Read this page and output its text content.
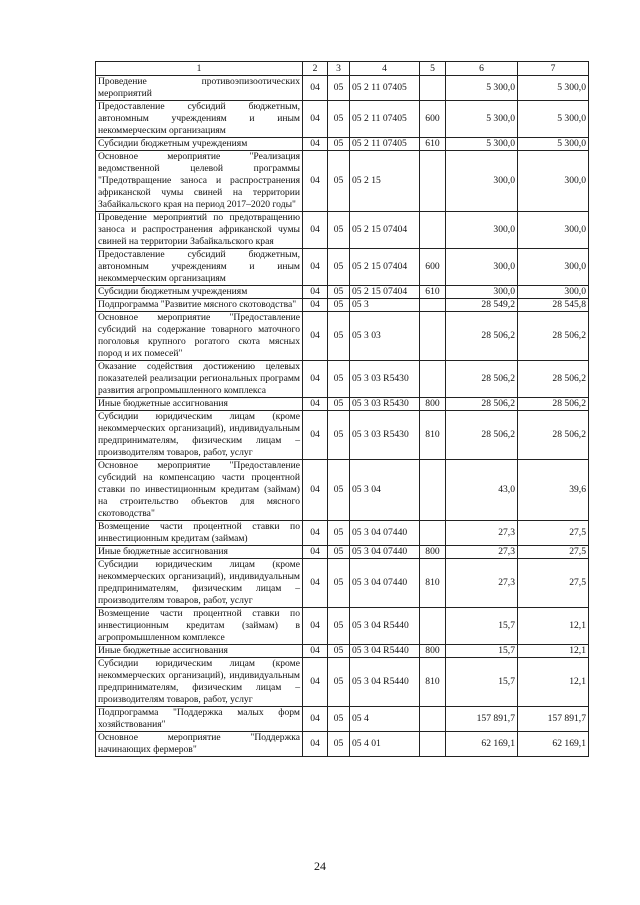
1	2	3	4	5	6	7
Проведение противоэпизоотических мероприятий	04	05	05 2 11 07405		5 300,0	5 300,0
Предоставление субсидий бюджетным, автономным учреждениям и иным некоммерческим организациям	04	05	05 2 11 07405	600	5 300,0	5 300,0
Субсидии бюджетным учреждениям	04	05	05 2 11 07405	610	5 300,0	5 300,0
Основное мероприятие "Реализация ведомственной целевой программы "Предотвращение заноса и распространения африканской чумы свиней на территории Забайкальского края на период 2017–2020 годы"	04	05	05 2 15		300,0	300,0
Проведение мероприятий по предотвращению заноса и распространения африканской чумы свиней на территории Забайкальского края	04	05	05 2 15 07404		300,0	300,0
Предоставление субсидий бюджетным, автономным учреждениям и иным некоммерческим организациям	04	05	05 2 15 07404	600	300,0	300,0
Субсидии бюджетным учреждениям	04	05	05 2 15 07404	610	300,0	300,0
Подпрограмма "Развитие мясного скотоводства"	04	05	05 3		28 549,2	28 545,8
Основное мероприятие "Предоставление субсидий на содержание товарного маточного поголовья крупного рогатого скота мясных пород и их помесей"	04	05	05 3 03		28 506,2	28 506,2
Оказание содействия достижению целевых показателей реализации региональных программ развития агропромышленного комплекса	04	05	05 3 03 R5430		28 506,2	28 506,2
Иные бюджетные ассигнования	04	05	05 3 03 R5430	800	28 506,2	28 506,2
Субсидии юридическим лицам (кроме некоммерческих организаций), индивидуальным предпринимателям, физическим лицам – производителям товаров, работ, услуг	04	05	05 3 03 R5430	810	28 506,2	28 506,2
Основное мероприятие "Предоставление субсидий на компенсацию части процентной ставки по инвестиционным кредитам (займам) на строительство объектов для мясного скотоводства"	04	05	05 3 04		43,0	39,6
Возмещение части процентной ставки по инвестиционным кредитам (займам)	04	05	05 3 04 07440		27,3	27,5
Иные бюджетные ассигнования	04	05	05 3 04 07440	800	27,3	27,5
Субсидии юридическим лицам (кроме некоммерческих организаций), индивидуальным предпринимателям, физическим лицам – производителям товаров, работ, услуг	04	05	05 3 04 07440	810	27,3	27,5
Возмещение части процентной ставки по инвестиционным кредитам (займам) в агропромышленном комплексе	04	05	05 3 04 R5440		15,7	12,1
Иные бюджетные ассигнования	04	05	05 3 04 R5440	800	15,7	12,1
Субсидии юридическим лицам (кроме некоммерческих организаций), индивидуальным предпринимателям, физическим лицам – производителям товаров, работ, услуг	04	05	05 3 04 R5440	810	15,7	12,1
Подпрограмма "Поддержка малых форм хозяйствования"	04	05	05 4		157 891,7	157 891,7
Основное мероприятие "Поддержка начинающих фермеров"	04	05	05 4 01		62 169,1	62 169,1
24
